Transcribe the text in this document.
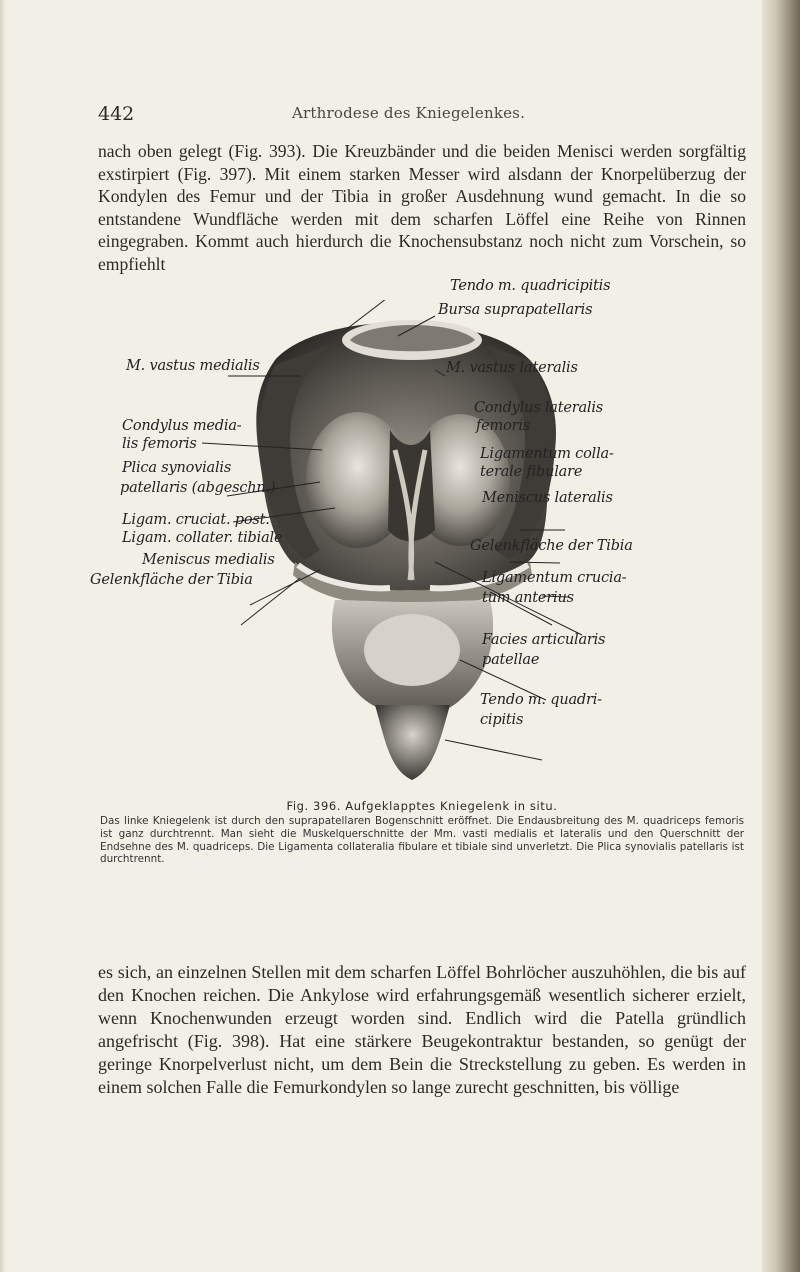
442	Arthrodese des Kniegelenkes.

nach oben gelegt (Fig. 393). Die Kreuzbänder und die beiden Menisci werden sorgfältig exstirpiert (Fig. 397). Mit einem starken Messer wird alsdann der Knorpelüberzug der Kondylen des Femur und der Tibia in großer Ausdehnung wund gemacht. In die so entstandene Wundfläche werden mit dem scharfen Löffel eine Reihe von Rinnen eingegraben. Kommt auch hierdurch die Knochensubstanz noch nicht zum Vorschein, so empfiehlt

Tendo m. quadricipitis
Bursa suprapatellaris
M. vastus medialis	M. vastus lateralis
Condylus media-
lis femoris
Condylus lateralis
femoris
Plica synovialis
patellaris (abgeschn.)
Ligamentum colla-
terale fibulare
Meniscus lateralis
Ligam. cruciat. post.
Ligam. collater. tibiale	Gelenkfläche der Tibia
Meniscus medialis
Gelenkfläche der Tibia	Ligamentum crucia-
tum anterius
Facies articularis
patellae
Tendo m. quadri-
cipitis
Fig. 396. Aufgeklapptes Kniegelenk in situ.

Das linke Kniegelenk ist durch den suprapatellaren Bogenschnitt eröffnet. Die Endausbreitung des M. quadriceps femoris ist ganz durchtrennt. Man sieht die Muskelquerschnitte der Mm. vasti medialis et lateralis und den Querschnitt der Endsehne des M. quadriceps. Die Ligamenta collateralia fibulare et tibiale sind unverletzt. Die Plica synovialis patellaris ist durchtrennt.

es sich, an einzelnen Stellen mit dem scharfen Löffel Bohrlöcher auszuhöhlen, die bis auf den Knochen reichen. Die Ankylose wird erfahrungsgemäß wesentlich sicherer erzielt, wenn Knochenwunden erzeugt worden sind. Endlich wird die Patella gründlich angefrischt (Fig. 398). Hat eine stärkere Beugekontraktur bestanden, so genügt der geringe Knorpelverlust nicht, um dem Bein die Streckstellung zu geben. Es werden in einem solchen Falle die Femurkondylen so lange zurecht geschnitten, bis völlige
